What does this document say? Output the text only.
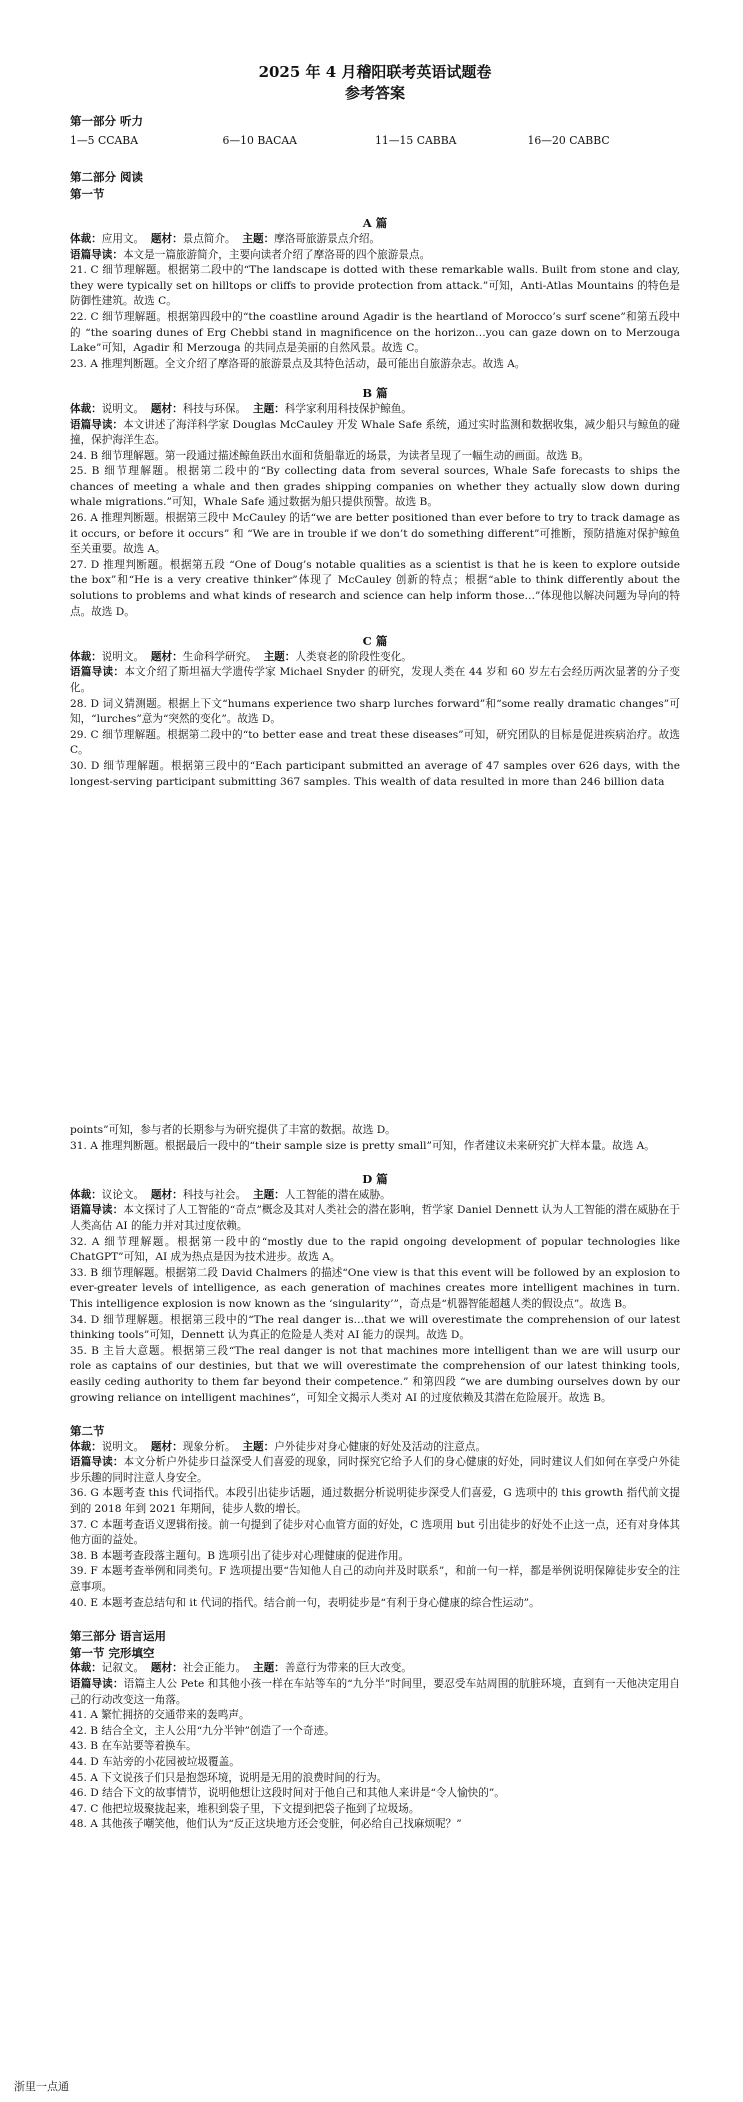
2025 年 4 月稽阳联考英语试题卷
参考答案
第一部分 听力
1—5 CCABA	6—10 BACAA	11—15 CABBA	16—20 CABBC
第二部分 阅读
第一节
A 篇

体裁：应用文。 题材：景点简介。 主题：摩洛哥旅游景点介绍。

语篇导读：本文是一篇旅游简介，主要向读者介绍了摩洛哥的四个旅游景点。

21. C 细节理解题。根据第二段中的“The landscape is dotted with these remarkable walls. Built from stone and clay, they were typically set on hilltops or cliffs to provide protection from attack.”可知，Anti-Atlas Mountains 的特色是防御性建筑。故选 C。

22. C 细节理解题。根据第四段中的“the coastline around Agadir is the heartland of Morocco’s surf scene”和第五段中的 “the soaring dunes of Erg Chebbi stand in magnificence on the horizon…you can gaze down on to Merzouga Lake”可知，Agadir 和 Merzouga 的共同点是美丽的自然风景。故选 C。

23. A 推理判断题。全文介绍了摩洛哥的旅游景点及其特色活动，最可能出自旅游杂志。故选 A。

B 篇

体裁：说明文。 题材：科技与环保。 主题：科学家利用科技保护鲸鱼。

语篇导读：本文讲述了海洋科学家 Douglas McCauley 开发 Whale Safe 系统，通过实时监测和数据收集，减少船只与鲸鱼的碰撞，保护海洋生态。

24. B 细节理解题。第一段通过描述鲸鱼跃出水面和货船靠近的场景，为读者呈现了一幅生动的画面。故选 B。

25. B 细节理解题。根据第二段中的“By collecting data from several sources, Whale Safe forecasts to ships the chances of meeting a whale and then grades shipping companies on whether they actually slow down during whale migrations.”可知，Whale Safe 通过数据为船只提供预警。故选 B。

26. A 推理判断题。根据第三段中 McCauley 的话“we are better positioned than ever before to try to track damage as it occurs, or before it occurs” 和 “We are in trouble if we don’t do something different”可推断，预防措施对保护鲸鱼至关重要。故选 A。

27. D 推理判断题。根据第五段 “One of Doug’s notable qualities as a scientist is that he is keen to explore outside the box”和“He is a very creative thinker”体现了 McCauley 创新的特点；根据“able to think differently about the solutions to problems and what kinds of research and science can help inform those…”体现他以解决问题为导向的特点。故选 D。

C 篇

体裁：说明文。 题材：生命科学研究。 主题：人类衰老的阶段性变化。

语篇导读：本文介绍了斯坦福大学遗传学家 Michael Snyder 的研究，发现人类在 44 岁和 60 岁左右会经历两次显著的分子变化。

28. D 词义猜测题。根据上下文“humans experience two sharp lurches forward”和“some really dramatic changes”可知，“lurches”意为“突然的变化”。故选 D。

29. C 细节理解题。根据第二段中的“to better ease and treat these diseases”可知，研究团队的目标是促进疾病治疗。故选 C。

30. D 细节理解题。根据第三段中的“Each participant submitted an average of 47 samples over 626 days, with the longest-serving participant submitting 367 samples. This wealth of data resulted in more than 246 billion data

points”可知，参与者的长期参与为研究提供了丰富的数据。故选 D。

31. A 推理判断题。根据最后一段中的“their sample size is pretty small”可知，作者建议未来研究扩大样本量。故选 A。

D 篇

体裁：议论文。 题材：科技与社会。 主题：人工智能的潜在威胁。

语篇导读：本文探讨了人工智能的“奇点”概念及其对人类社会的潜在影响，哲学家 Daniel Dennett 认为人工智能的潜在威胁在于人类高估 AI 的能力并对其过度依赖。

32. A 细节理解题。根据第一段中的“mostly due to the rapid ongoing development of popular technologies like ChatGPT”可知，AI 成为热点是因为技术进步。故选 A。

33. B 细节理解题。根据第二段 David Chalmers 的描述“One view is that this event will be followed by an explosion to ever-greater levels of intelligence, as each generation of machines creates more intelligent machines in turn. This intelligence explosion is now known as the ‘singularity’”，奇点是“机器智能超越人类的假设点”。故选 B。

34. D 细节理解题。根据第三段中的“The real danger is…that we will overestimate the comprehension of our latest thinking tools”可知，Dennett 认为真正的危险是人类对 AI 能力的误判。故选 D。

35. B 主旨大意题。根据第三段“The real danger is not that machines more intelligent than we are will usurp our role as captains of our destinies, but that we will overestimate the comprehension of our latest thinking tools, easily ceding authority to them far beyond their competence.” 和第四段 “we are dumbing ourselves down by our growing reliance on intelligent machines”，可知全文揭示人类对 AI 的过度依赖及其潜在危险展开。故选 B。

第二节

体裁：说明文。 题材：现象分析。 主题：户外徒步对身心健康的好处及活动的注意点。

语篇导读：本文分析户外徒步日益深受人们喜爱的现象，同时探究它给予人们的身心健康的好处，同时建议人们如何在享受户外徒步乐趣的同时注意人身安全。

36. G 本题考查 this 代词指代。本段引出徒步话题，通过数据分析说明徒步深受人们喜爱，G 选项中的 this growth 指代前文提到的 2018 年到 2021 年期间，徒步人数的增长。

37. C 本题考查语义逻辑衔接。前一句提到了徒步对心血管方面的好处，C 选项用 but 引出徒步的好处不止这一点，还有对身体其他方面的益处。

38. B 本题考查段落主题句。B 选项引出了徒步对心理健康的促进作用。

39. F 本题考查举例和同类句。F 选项提出要“告知他人自己的动向并及时联系”，和前一句一样，都是举例说明保障徒步安全的注意事项。

40. E 本题考查总结句和 it 代词的指代。结合前一句，表明徒步是“有利于身心健康的综合性运动”。

第三部分 语言运用
第一节 完形填空

体裁：记叙文。 题材：社会正能力。 主题：善意行为带来的巨大改变。

语篇导读：语篇主人公 Pete 和其他小孩一样在车站等车的“九分半”时间里，要忍受车站周围的肮脏环境，直到有一天他决定用自己的行动改变这一角落。

41. A 繁忙拥挤的交通带来的轰鸣声。

42. B 结合全文，主人公用“九分半钟”创造了一个奇迹。

43. B 在车站要等着换车。

44. D 车站旁的小花园被垃圾覆盖。

45. A 下文说孩子们只是抱怨环境，说明是无用的浪费时间的行为。

46. D 结合下文的故事情节，说明他想让这段时间对于他自己和其他人来讲是“令人愉快的”。

47. C 他把垃圾聚拢起来，堆积到袋子里，下文提到把袋子拖到了垃圾场。

48. A 其他孩子嘲笑他，他们认为“反正这块地方还会变脏，何必给自己找麻烦呢？”

浙里一点通
